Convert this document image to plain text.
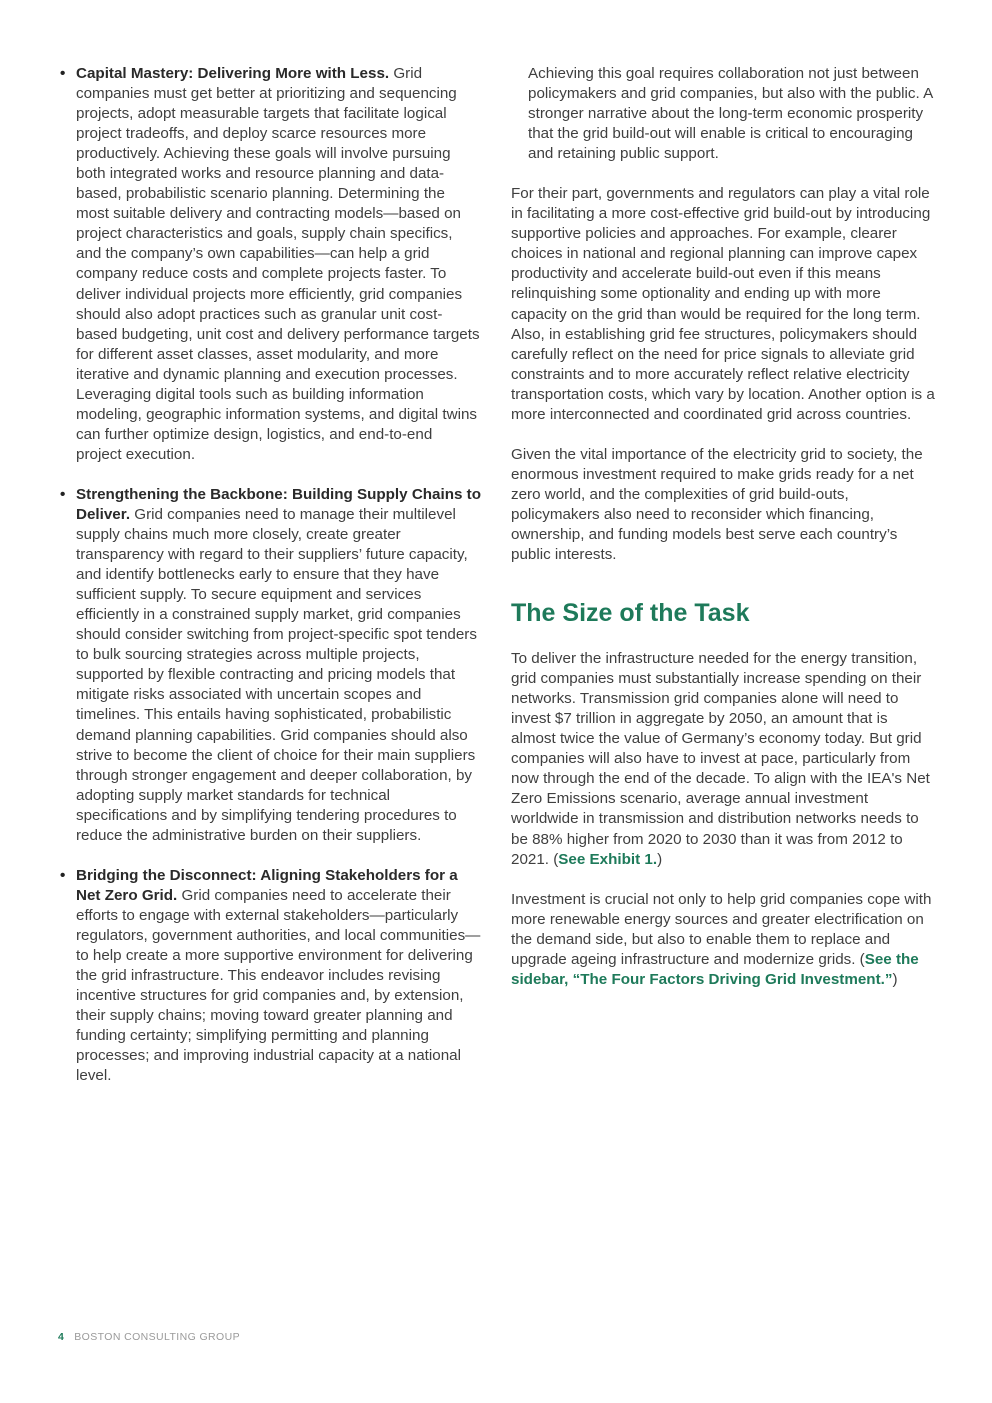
• Capital Mastery: Delivering More with Less. Grid companies must get better at prioritizing and sequencing projects, adopt measurable targets that facilitate logical project tradeoffs, and deploy scarce resources more productively. Achieving these goals will involve pursuing both integrated works and resource planning and data-based, probabilistic scenario planning. Determining the most suitable delivery and contracting models—based on project characteristics and goals, supply chain specifics, and the company’s own capabilities—can help a grid company reduce costs and complete projects faster. To deliver individual projects more efficiently, grid companies should also adopt practices such as granular unit cost-based budgeting, unit cost and delivery performance targets for different asset classes, asset modularity, and more iterative and dynamic planning and execution processes. Leveraging digital tools such as building information modeling, geographic information systems, and digital twins can further optimize design, logistics, and end-to-end project execution.
• Strengthening the Backbone: Building Supply Chains to Deliver. Grid companies need to manage their multilevel supply chains much more closely, create greater transparency with regard to their suppliers’ future capacity, and identify bottlenecks early to ensure that they have sufficient supply. To secure equipment and services efficiently in a constrained supply market, grid companies should consider switching from project-specific spot tenders to bulk sourcing strategies across multiple projects, supported by flexible contracting and pricing models that mitigate risks associated with uncertain scopes and timelines. This entails having sophisticated, probabilistic demand planning capabilities. Grid companies should also strive to become the client of choice for their main suppliers through stronger engagement and deeper collaboration, by adopting supply market standards for technical specifications and by simplifying tendering procedures to reduce the administrative burden on their suppliers.
• Bridging the Disconnect: Aligning Stakeholders for a Net Zero Grid. Grid companies need to accelerate their efforts to engage with external stakeholders—particularly regulators, government authorities, and local communities—to help create a more supportive environment for delivering the grid infrastructure. This endeavor includes revising incentive structures for grid companies and, by extension, their supply chains; moving toward greater planning and funding certainty; simplifying permitting and planning processes; and improving industrial capacity at a national level.

Achieving this goal requires collaboration not just between policymakers and grid companies, but also with the public. A stronger narrative about the long-term economic prosperity that the grid build-out will enable is critical to encouraging and retaining public support.

For their part, governments and regulators can play a vital role in facilitating a more cost-effective grid build-out by introducing supportive policies and approaches. For example, clearer choices in national and regional planning can improve capex productivity and accelerate build-out even if this means relinquishing some optionality and ending up with more capacity on the grid than would be required for the long term. Also, in establishing grid fee structures, policymakers should carefully reflect on the need for price signals to alleviate grid constraints and to more accurately reflect relative electricity transportation costs, which vary by location. Another option is a more interconnected and coordinated grid across countries.

Given the vital importance of the electricity grid to society, the enormous investment required to make grids ready for a net zero world, and the complexities of grid build-outs, policymakers also need to reconsider which financing, ownership, and funding models best serve each country’s public interests.

The Size of the Task

To deliver the infrastructure needed for the energy transition, grid companies must substantially increase spending on their networks. Transmission grid companies alone will need to invest $7 trillion in aggregate by 2050, an amount that is almost twice the value of Germany’s economy today. But grid companies will also have to invest at pace, particularly from now through the end of the decade. To align with the IEA's Net Zero Emissions scenario, average annual investment worldwide in transmission and distribution networks needs to be 88% higher from 2020 to 2030 than it was from 2012 to 2021. (See Exhibit 1.)

Investment is crucial not only to help grid companies cope with more renewable energy sources and greater electrification on the demand side, but also to enable them to replace and upgrade ageing infrastructure and modernize grids. (See the sidebar, “The Four Factors Driving Grid Investment.”)

4 BOSTON CONSULTING GROUP
